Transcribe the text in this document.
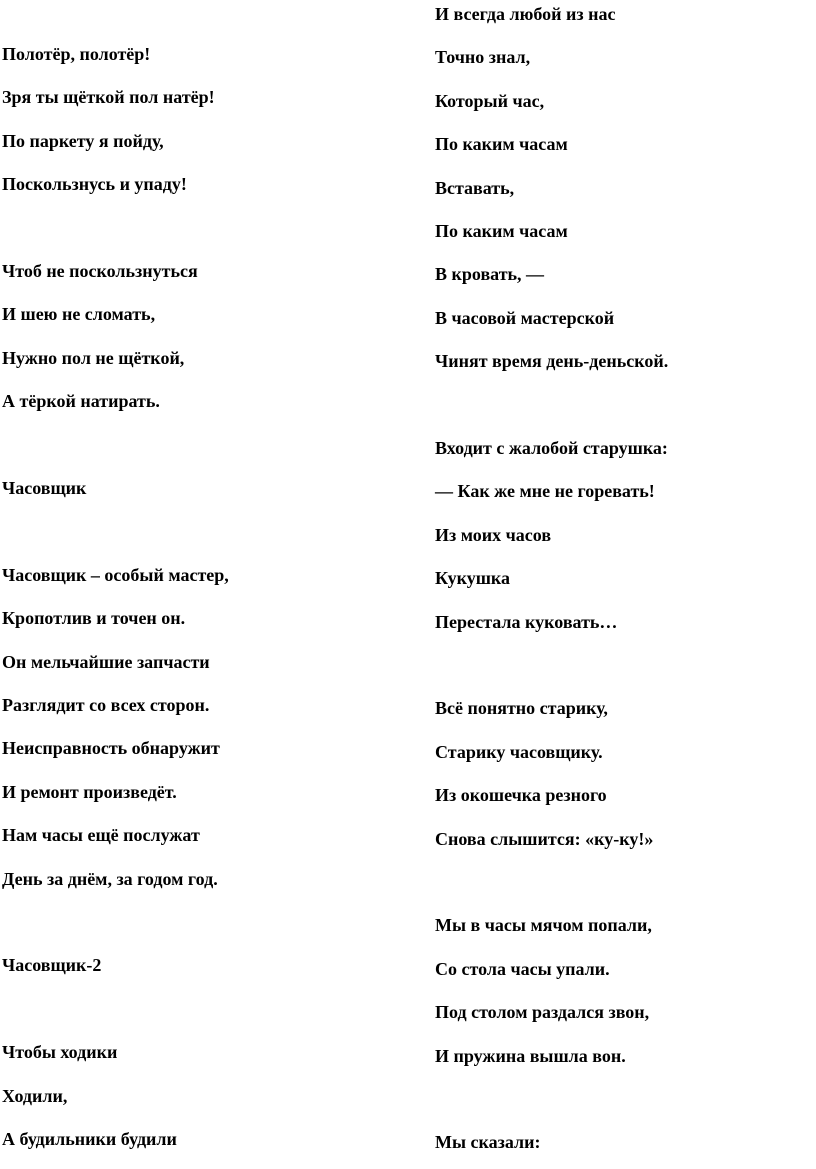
Полотёр, полотёр!
Зря ты щёткой пол натёр!
По паркету я пойду,
Поскользнусь и упаду!
Чтоб не поскользнуться
И шею не сломать,
Нужно пол не щёткой,
А тёркой натирать.
Часовщик
Часовщик – особый мастер,
Кропотлив и точен он.
Он мельчайшие запчасти
Разглядит со всех сторон.
Неисправность обнаружит
И ремонт произведёт.
Нам часы ещё послужат
День за днём, за годом год.
Часовщик-2
Чтобы ходики
Ходили,
А будильники будили
И всегда любой из нас
Точно знал,
Который час,
По каким часам
Вставать,
По каким часам
В кровать, —
В часовой мастерской
Чинят время день-деньской.
Входит с жалобой старушка:
— Как же мне не горевать!
Из моих часов
Кукушка
Перестала куковать…
Всё понятно старику,
Старику часовщику.
Из окошечка резного
Снова слышится: «ку-ку!»
Мы в часы мячом попали,
Со стола часы упали.
Под столом раздался звон,
И пружина вышла вон.
Мы сказали:
